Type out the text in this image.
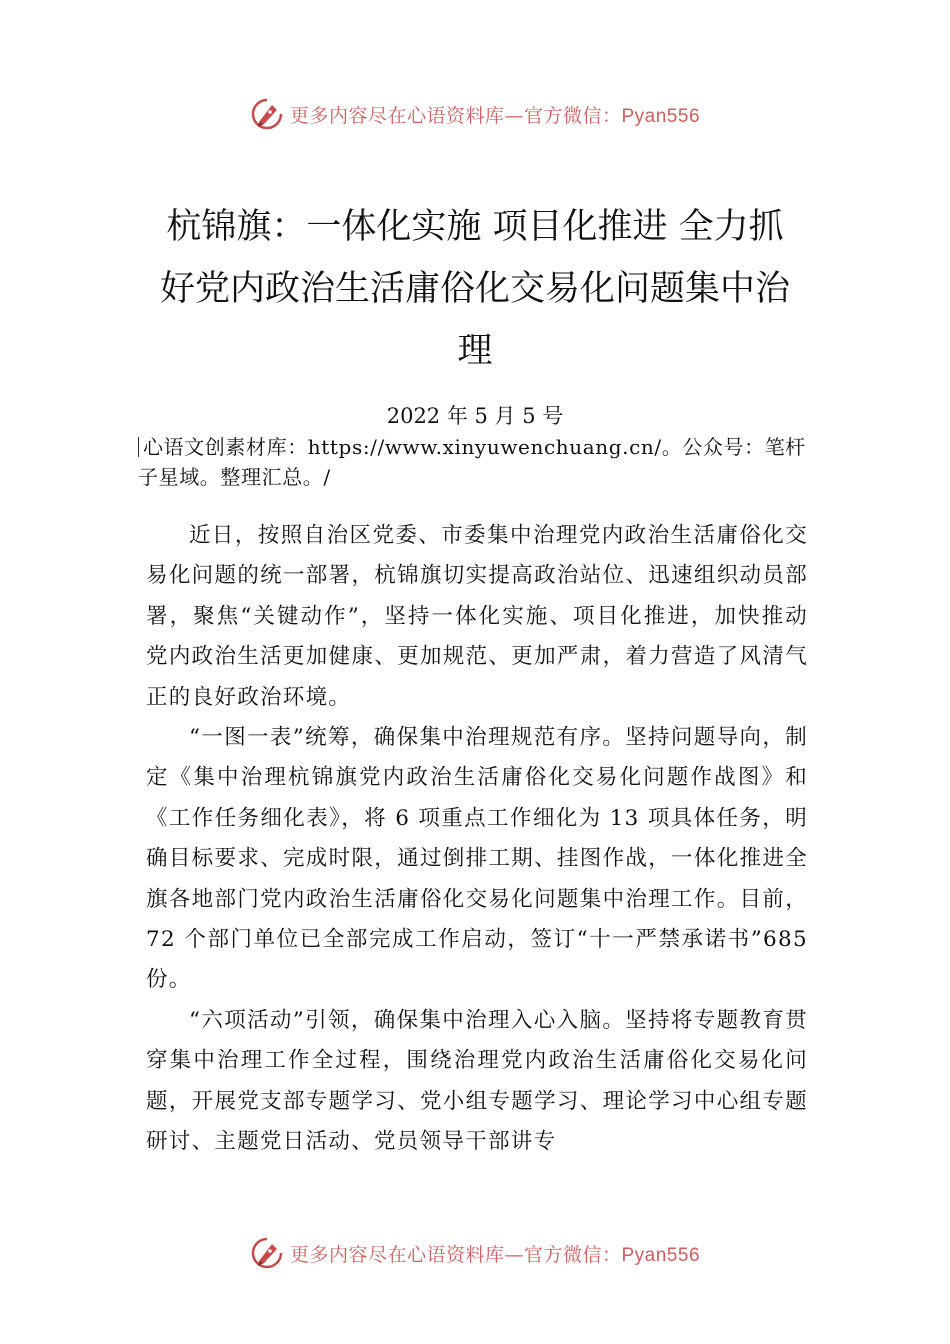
更多内容尽在心语资料库—官方微信：Pyan556
杭锦旗：一体化实施 项目化推进 全力抓
好党内政治生活庸俗化交易化问题集中治
理
2022 年 5 月 5 号
心语文创素材库：https://www.xinyuwenchuang.cn/。公众号：笔杆子星域。整理汇总。/

近日，按照自治区党委、市委集中治理党内政治生活庸俗化交易化问题的统一部署，杭锦旗切实提高政治站位、迅速组织动员部署，聚焦“关键动作”，坚持一体化实施、项目化推进，加快推动党内政治生活更加健康、更加规范、更加严肃，着力营造了风清气正的良好政治环境。

“一图一表”统筹，确保集中治理规范有序。坚持问题导向，制定《集中治理杭锦旗党内政治生活庸俗化交易化问题作战图》和《工作任务细化表》，将 6 项重点工作细化为 13 项具体任务，明确目标要求、完成时限，通过倒排工期、挂图作战，一体化推进全旗各地部门党内政治生活庸俗化交易化问题集中治理工作。目前，72 个部门单位已全部完成工作启动，签订“十一严禁承诺书”685 份。

“六项活动”引领，确保集中治理入心入脑。坚持将专题教育贯穿集中治理工作全过程，围绕治理党内政治生活庸俗化交易化问题，开展党支部专题学习、党小组专题学习、理论学习中心组专题研讨、主题党日活动、党员领导干部讲专

更多内容尽在心语资料库—官方微信：Pyan556
